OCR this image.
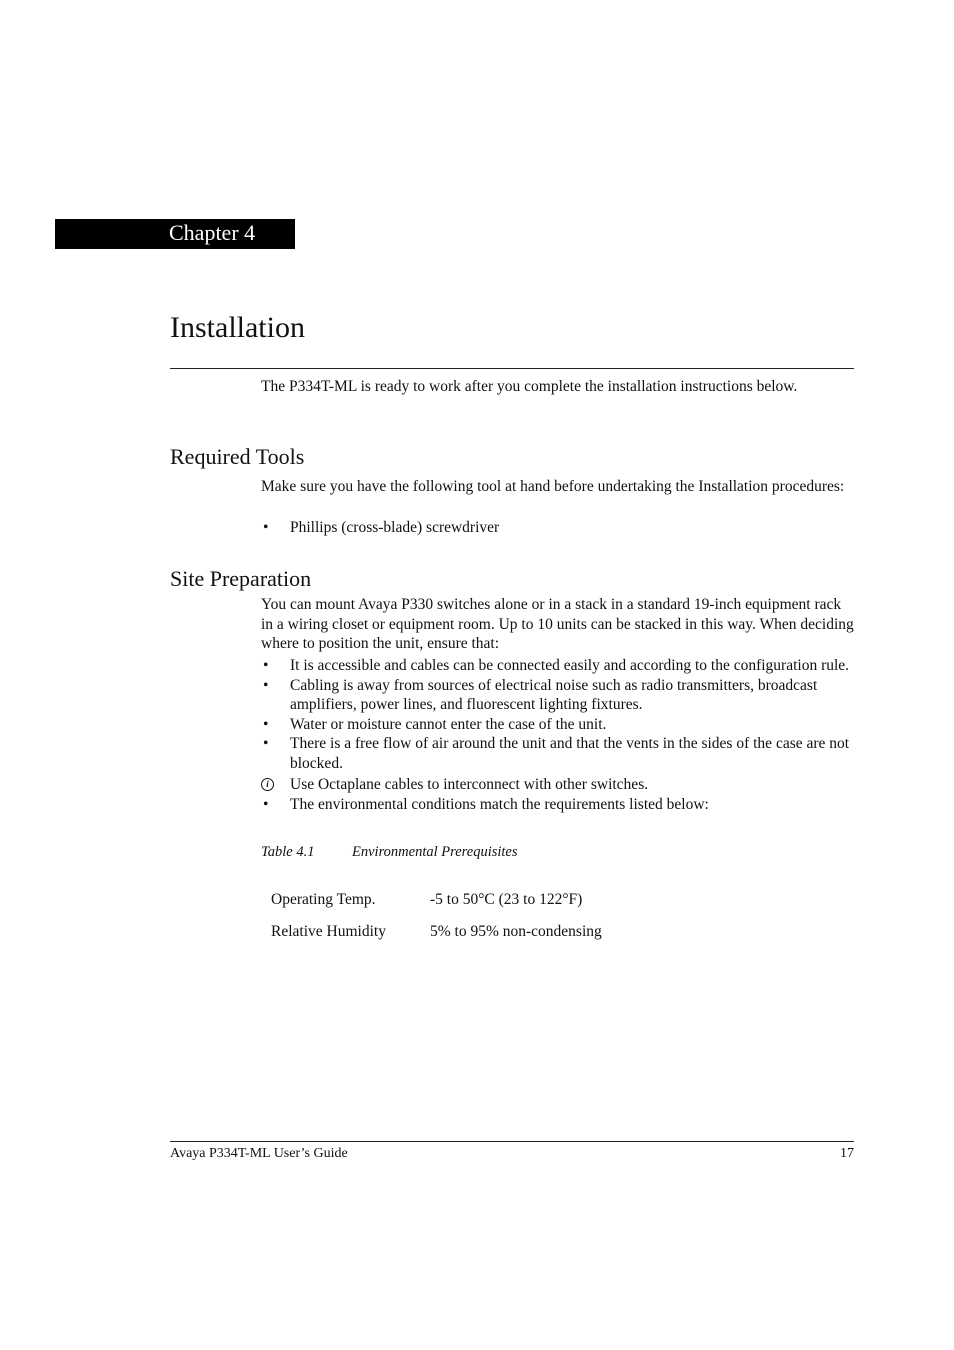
Chapter 4
Installation

The P334T-ML is ready to work after you complete the installation instructions below.

Required Tools

Make sure you have the following tool at hand before undertaking the Installation procedures:

• Phillips (cross-blade) screwdriver
Site Preparation

You can mount Avaya P330 switches alone or in a stack in a standard 19-inch equipment rack in a wiring closet or equipment room. Up to 10 units can be stacked in this way. When deciding where to position the unit, ensure that:

• It is accessible and cables can be connected easily and according to the configuration rule.
• Cabling is away from sources of electrical noise such as radio transmitters, broadcast amplifiers, power lines, and fluorescent lighting fixtures.
• Water or moisture cannot enter the case of the unit.
• There is a free flow of air around the unit and that the vents in the sides of the case are not blocked.
i	Use Octaplane cables to interconnect with other switches.
• The environmental conditions match the requirements listed below:
Table 4.1	Environmental Prerequisites
Operating Temp.	-5 to 50°C (23 to 122°F)
Relative Humidity	5% to 95% non-condensing
Avaya P334T-ML User’s Guide	17
